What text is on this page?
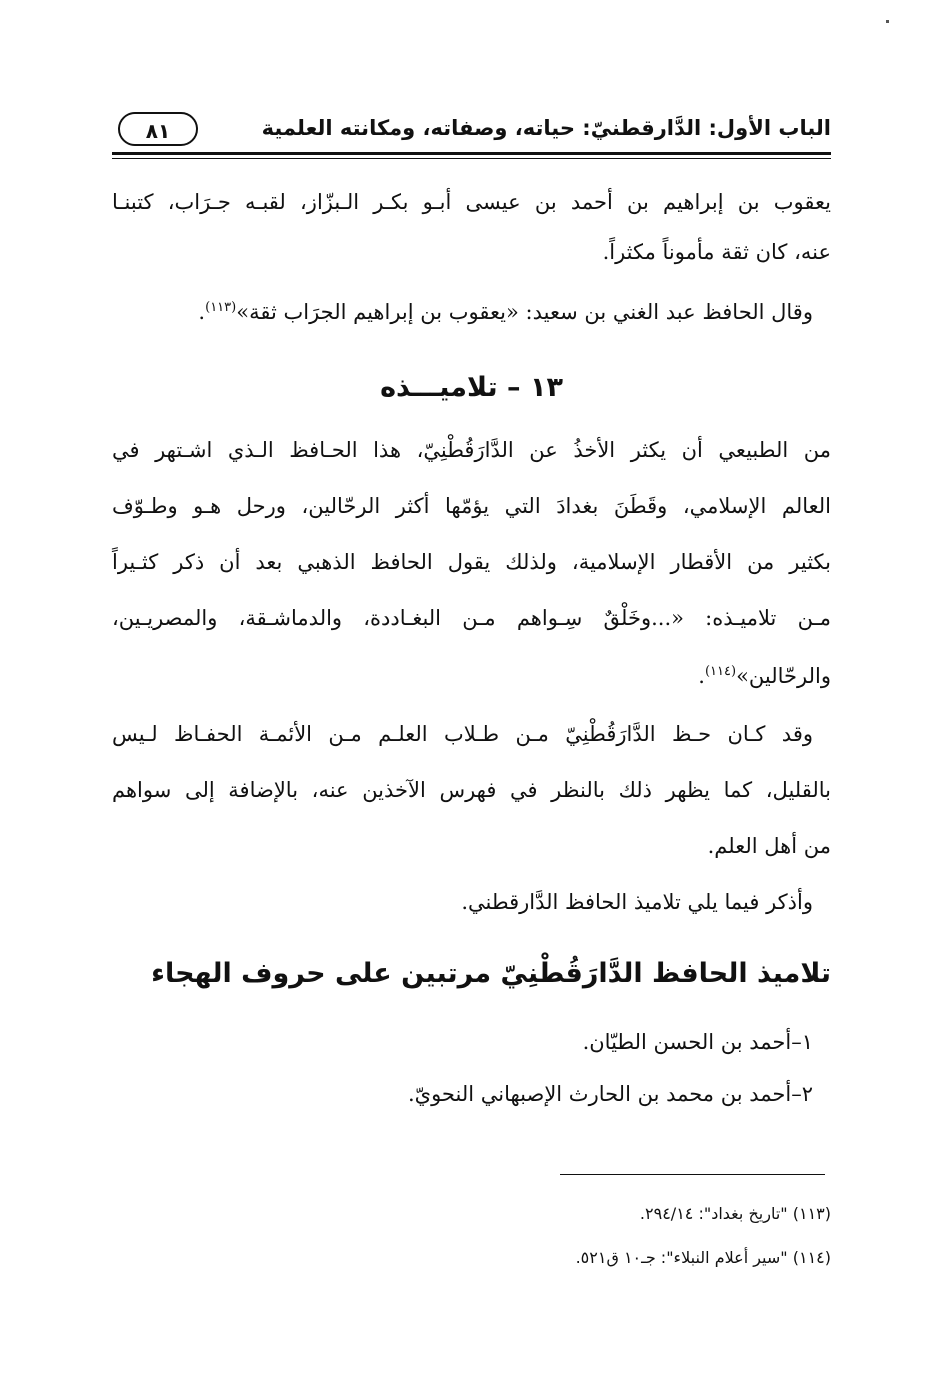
الباب الأول: الدَّارقطنيّ: حياته، وصفاته، ومكانته العلمية
٨١
يعقوب بن إبراهيم بن أحمد بن عيسى أبـو بكـر الـبزّاز، لقبـه جـرَاب، كتبنـا
عنه، كان ثقة مأموناً مكثراً.
وقال الحافظ عبد الغني بن سعيد: «يعقوب بن إبراهيم الجرَاب ثقة»$^{(١١٣)}$.
١٣ – تلاميـــذه
من الطبيعي أن يكثر الأخذُ عن الدَّارَقُطْنِيّ، هذا الحـافظ الـذي اشـتهر في
العالم الإسلامي، وقَطَنَ بغدادَ التي يؤمّها أكثر الرحّالين، ورحل هـو وطـوّف
بكثير من الأقطار الإسلامية، ولذلك يقول الحافظ الذهبي بعد أن ذكر كثـيراً
مـن تلاميـذه: «...وخَلْقٌ سِـواهم مـن البغـاددة، والدماشـقة، والمصريـين،
والرحّالين»$^{(١١٤)}$.
وقد كـان حـظ الدَّارَقُطْنِيّ مـن طـلاب العلـم مـن الأئمـة الحفـاظ لـيس
بالقليل، كما يظهر ذلك بالنظر في فهرس الآخذين عنه، بالإضافة إلى سواهم
من أهل العلم.
وأذكر فيما يلي تلاميذ الحافظ الدَّارقطني.
تلاميذ الحافظ الدَّارَقُطْنِيّ مرتبين على حروف الهجاء
١–أحمد بن الحسن الطيّان.
٢–أحمد بن محمد بن الحارث الإصبهاني النحويّ.
(١١٣) "تاريخ بغداد": ٢٩٤/١٤.
(١١٤) "سير أعلام النبلاء": جـ١٠ ق٥٢١.
